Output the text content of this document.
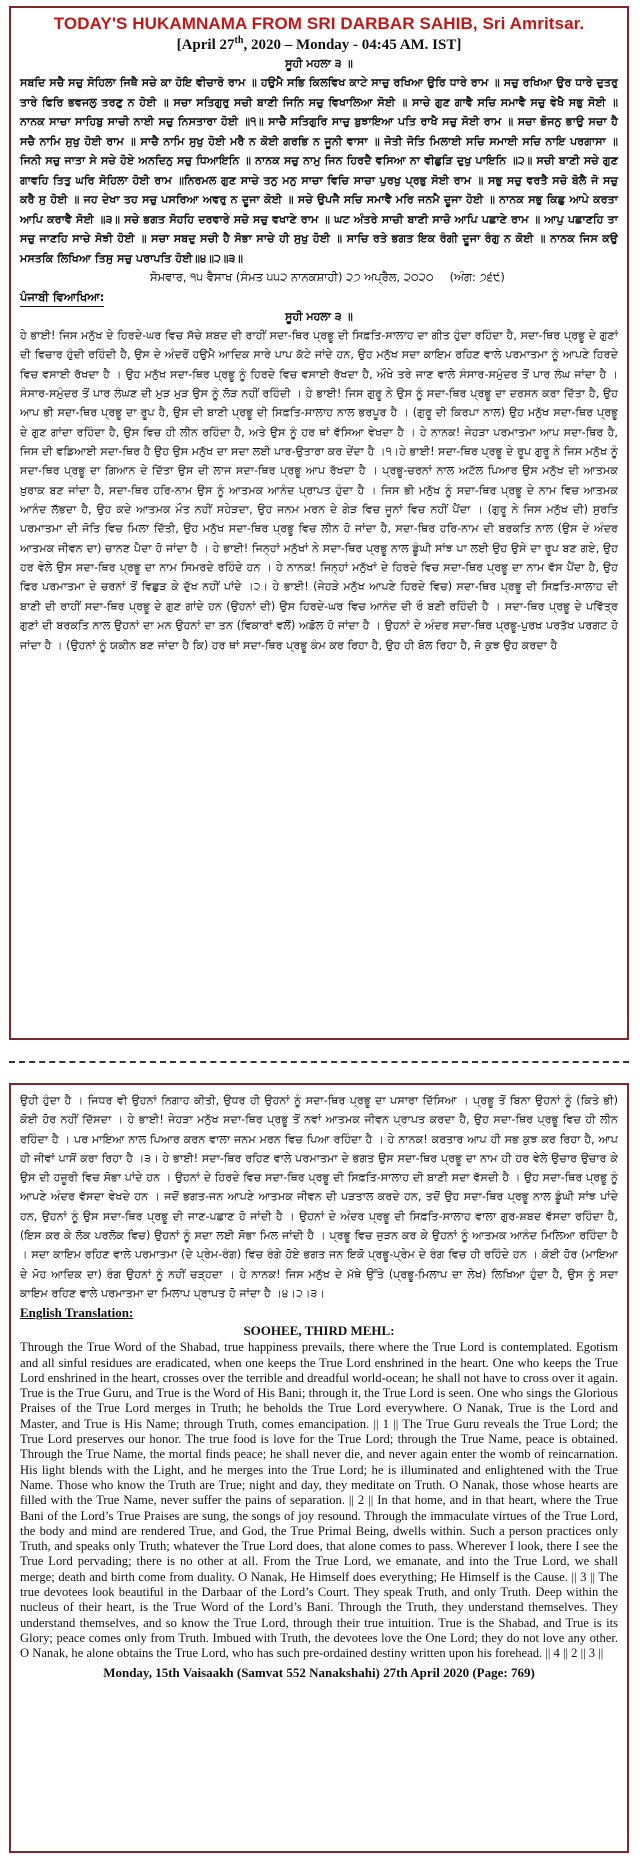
TODAY'S HUKAMNAMA FROM SRI DARBAR SAHIB, Sri Amritsar.
[April 27th, 2020 – Monday - 04:45 AM. IST]
ਸੂਹੀ ਮਹਲਾ ੩ ॥
ਸਬਦਿ ਸਚੈ ਸਚੁ ਸੋਹਿਲਾ ਜਿਥੈ ਸਚੇ ਕਾ ਹੋਇ ਵੀਚਾਰੋ ਰਾਮ ॥ ਹਉਮੈ ਸਭਿ ਕਿਲਵਿਖ ਕਾਟੇ ਸਾਚੁ ਰਖਿਆ ਉਰਿ ਧਾਰੇ ਰਾਮ ॥ ਸਚੁ ਰਖਿਆ ਉਰ ਧਾਰੇ ਦੁਤਰੁ ਤਾਰੇ ਫਿਰਿ ਭਵਜਲੁ ਤਰਣੁ ਨ ਹੋਈ ॥ ਸਚਾ ਸਤਿਗੁਰੁ ਸਚੀ ਬਾਣੀ ਜਿਨਿ ਸਚੁ ਵਿਖਾਲਿਆ ਸੋਈ ॥ ਸਾਚੇ ਗੁਣ ਗਾਵੈ ਸਚਿ ਸਮਾਵੈ ਸਚੁ ਵੇਖੈ ਸਭੁ ਸੋਈ ॥ ਨਾਨਕ ਸਾਚਾ ਸਾਹਿਬੁ ਸਾਚੀ ਨਾਈ ਸਚੁ ਨਿਸਤਾਰਾ ਹੋਈ ॥੧॥ ਸਾਚੈ ਸਤਿਗੁਰਿ ਸਾਚੁ ਬੁਝਾਇਆ ਪਤਿ ਰਾਖੈ ਸਚੁ ਸੋਈ ਰਾਮ ॥ ਸਚਾ ਭੋਜਨੁ ਭਾਉ ਸਚਾ ਹੈ ਸਚੈ ਨਾਮਿ ਸੁਖੁ ਹੋਈ ਰਾਮ ॥ ਸਾਚੈ ਨਾਮਿ ਸੁਖੁ ਹੋਈ ਮਰੈ ਨ ਕੋਈ ਗਰਭਿ ਨ ਜੂਨੀ ਵਾਸਾ ॥ ਜੋਤੀ ਜੋਤਿ ਮਿਲਾਈ ਸਚਿ ਸਮਾਈ ਸਚਿ ਨਾਇ ਪਰਗਾਸਾ ॥ ਜਿਨੀ ਸਚੁ ਜਾਤਾ ਸੇ ਸਚੇ ਹੋਏ ਅਨਦਿਨੁ ਸਚੁ ਧਿਆਇਨਿ ॥ ਨਾਨਕ ਸਚੁ ਨਾਮੁ ਜਿਨ ਹਿਰਦੈ ਵਸਿਆ ਨਾ ਵੀਛੁੜਿ ਦੁਖੁ ਪਾਇਨਿ ॥੨॥ ਸਚੀ ਬਾਣੀ ਸਚੇ ਗੁਣ ਗਾਵਹਿ ਤਿਤੁ ਘਰਿ ਸੋਹਿਲਾ ਹੋਈ ਰਾਮ ॥ਨਿਰਮਲ ਗੁਣ ਸਾਚੇ ਤਨੁ ਮਨੁ ਸਾਚਾ ਵਿਚਿ ਸਾਚਾ ਪੁਰਖੁ ਪ੍ਰਭੁ ਸੋਈ ਰਾਮ ॥ ਸਭੁ ਸਚੁ ਵਰਤੈ ਸਚੋ ਬੋਲੈ ਜੋ ਸਚੁ ਕਰੈ ਸੁ ਹੋਈ ॥ ਜਹ ਦੇਖਾ ਤਹ ਸਚੁ ਪਸਰਿਆ ਅਵਰੁ ਨ ਦੂਜਾ ਕੋਈ ॥ ਸਚੇ ਉਪਜੈ ਸਚਿ ਸਮਾਵੈ ਮਰਿ ਜਨਮੈ ਦੂਜਾ ਹੋਈ ॥ ਨਾਨਕ ਸਭੁ ਕਿਛੁ ਆਪੇ ਕਰਤਾ ਆਪਿ ਕਰਾਵੈ ਸੋਈ ॥੩॥ ਸਚੇ ਭਗਤ ਸੋਹਹਿ ਦਰਵਾਰੇ ਸਚੋ ਸਚੁ ਵਖਾਣੇ ਰਾਮ ॥ ਘਟ ਅੰਤਰੇ ਸਾਚੀ ਬਾਣੀ ਸਾਚੋ ਆਪਿ ਪਛਾਣੇ ਰਾਮ ॥ ਆਪੁ ਪਛਾਣਹਿ ਤਾ ਸਚੁ ਜਾਣਹਿ ਸਾਚੇ ਸੋਝੀ ਹੋਈ ॥ ਸਚਾ ਸਬਦੁ ਸਚੀ ਹੈ ਸੋਭਾ ਸਾਚੇ ਹੀ ਸੁਖੁ ਹੋਈ ॥ ਸਾਚਿ ਰਤੇ ਭਗਤ ਇਕ ਰੰਗੀ ਦੂਜਾ ਰੰਗੁ ਨ ਕੋਈ ॥ ਨਾਨਕ ਜਿਸ ਕਉ ਮਸਤਕਿ ਲਿਖਿਆ ਤਿਸੁ ਸਚੁ ਪਰਾਪਤਿ ਹੋਈ॥੪॥੨॥੩॥
ਸੋਮਵਾਰ, ੧੫ ਵੈਸਾਖ (ਸੰਮਤ ੫੫੨ ਨਾਨਕਸ਼ਾਹੀ) ੨੭ ਅਪ੍ਰੈਲ, ੨੦੨੦ (ਅੰਗ: ੭੬੯)
ਪੰਜਾਬੀ ਵਿਆਖਿਆ:
ਸੂਹੀ ਮਹਲਾ ੩ ॥
ਹੇ ਭਾਈ! ਜਿਸ ਮਨੁੱਖ ਦੇ ਹਿਰਦੇ-ਘਰ ਵਿਚ ਸੱਚੇ ਸ਼ਬਦ ਦੀ ਰਾਹੀਂ ਸਦਾ-ਥਿਰ ਪ੍ਰਭੂ ਦੀ ਸਿਫ਼ਤਿ-ਸਾਲਾਹ ਦਾ ਗੀਤ ਹੁੰਦਾ ਰਹਿੰਦਾ ਹੈ, ਸਦਾ-ਥਿਰ ਪ੍ਰਭੂ ਦੇ ਗੁਣਾਂ ਦੀ ਵਿਚਾਰ ਹੁੰਦੀ ਰਹਿੰਦੀ ਹੈ, ਉਸ ਦੇ ਅੰਦਰੋਂ ਹਉਮੈ ਆਦਿਕ ਸਾਰੇ ਪਾਪ ਕੱਟੇ ਜਾਂਦੇ ਹਨ, ਉਹ ਮਨੁੱਖ ਸਦਾ ਕਾਇਮ ਰਹਿਣ ਵਾਲੇ ਪਰਮਾਤਮਾ ਨੂੰ ਆਪਣੇ ਹਿਰਦੇ ਵਿਚ ਵਸਾਈ ਰੱਖਦਾ ਹੈ । ਉਹ ਮਨੁੱਖ ਸਦਾ-ਥਿਰ ਪ੍ਰਭੂ ਨੂੰ ਹਿਰਦੇ ਵਿਚ ਵਸਾਈ ਰੱਖਦਾ ਹੈ, ਔਖੇ ਤਰੇ ਜਾਣ ਵਾਲੇ ਸੰਸਾਰ-ਸਮੁੰਦਰ ਤੋਂ ਪਾਰ ਲੰਘ ਜਾਂਦਾ ਹੈ । ਸੰਸਾਰ-ਸਮੁੰਦਰ ਤੋਂ ਪਾਰ ਲੰਘਣ ਦੀ ਮੁੜ ਮੁੜ ਉਸ ਨੂੰ ਲੋੜ ਨਹੀਂ ਰਹਿੰਦੀ । ਹੇ ਭਾਈ! ਜਿਸ ਗੁਰੂ ਨੇ ਉਸ ਨੂੰ ਸਦਾ-ਥਿਰ ਪ੍ਰਭੂ ਦਾ ਦਰਸਨ ਕਰਾ ਦਿੱਤਾ ਹੈ, ਉਹ ਆਪ ਭੀ ਸਦਾ-ਥਿਰ ਪ੍ਰਭੂ ਦਾ ਰੂਪ ਹੈ, ਉਸ ਦੀ ਬਾਣੀ ਪ੍ਰਭੂ ਦੀ ਸਿਫ਼ਤਿ-ਸਾਲਾਹ ਨਾਲ ਭਰਪੂਰ ਹੈ । (ਗੁਰੂ ਦੀ ਕਿਰਪਾ ਨਾਲ) ਉਹ ਮਨੁੱਖ ਸਦਾ-ਥਿਰ ਪ੍ਰਭੂ ਦੇ ਗੁਣ ਗਾਂਦਾ ਰਹਿੰਦਾ ਹੈ, ਉਸ ਵਿਚ ਹੀ ਲੀਨ ਰਹਿੰਦਾ ਹੈ, ਅਤੇ ਉਸ ਨੂੰ ਹਰ ਥਾਂ ਵੱਸਿਆ ਵੇਖਦਾ ਹੈ । ਹੇ ਨਾਨਕ! ਜੇਹੜਾ ਪਰਮਾਤਮਾ ਆਪ ਸਦਾ-ਥਿਰ ਹੈ, ਜਿਸ ਦੀ ਵਡਿਆਈ ਸਦਾ-ਥਿਰ ਹੈ ਉਹ ਉਸ ਮਨੁੱਖ ਦਾ ਸਦਾ ਲਈ ਪਾਰ-ਉਤਾਰਾ ਕਰ ਦੇਂਦਾ ਹੈ ।੧।ਹੇ ਭਾਈ! ਸਦਾ-ਥਿਰ ਪ੍ਰਭੂ ਦੇ ਰੂਪ ਗੁਰੂ ਨੇ ਜਿਸ ਮਨੁੱਖ ਨੂੰ ਸਦਾ-ਥਿਰ ਪ੍ਰਭੂ ਦਾ ਗਿਆਨ ਦੇ ਦਿੱਤਾ ਉਸ ਦੀ ਲਾਜ ਸਦਾ-ਥਿਰ ਪ੍ਰਭੂ ਆਪ ਰੱਖਦਾ ਹੈ । ਪ੍ਰਭੂ-ਚਰਨਾਂ ਨਾਲ ਅਟੱਲ ਪਿਆਰ ਉਸ ਮਨੁੱਖ ਦੀ ਆਤਮਕ ਖ਼ੁਰਾਕ ਬਣ ਜਾਂਦਾ ਹੈ, ਸਦਾ-ਥਿਰ ਹਰਿ-ਨਾਮ ਉਸ ਨੂੰ ਆਤਮਕ ਆਨੰਦ ਪ੍ਰਾਪਤ ਹੁੰਦਾ ਹੈ । ਜਿਸ ਭੀ ਮਨੁੱਖ ਨੂੰ ਸਦਾ-ਥਿਰ ਪ੍ਰਭੂ ਦੇ ਨਾਮ ਵਿਚ ਆਤਮਕ ਆਨੰਦ ਲੱਭਦਾ ਹੈ, ਉਹ ਕਦੇ ਆਤਮਕ ਮੌਤ ਨਹੀਂ ਸਹੇੜਦਾ, ਉਹ ਜਨਮ ਮਰਨ ਦੇ ਗੇੜ ਵਿਚ ਜੂਨਾਂ ਵਿਚ ਨਹੀਂ ਪੈਂਦਾ । (ਗੁਰੂ ਨੇ ਜਿਸ ਮਨੁੱਖ ਦੀ) ਸੁਰਤਿ ਪਰਮਾਤਮਾ ਦੀ ਜੋਤਿ ਵਿਚ ਮਿਲਾ ਦਿੱਤੀ, ਉਹ ਮਨੁੱਖ ਸਦਾ-ਥਿਰ ਪ੍ਰਭੂ ਵਿਚ ਲੀਨ ਹੋ ਜਾਂਦਾ ਹੈ, ਸਦਾ-ਥਿਰ ਹਰਿ-ਨਾਮ ਦੀ ਬਰਕਤਿ ਨਾਲ (ਉਸ ਦੇ ਅੰਦਰ ਆਤਮਕ ਜੀਵਨ ਦਾ) ਚਾਨਣ ਪੈਦਾ ਹੋ ਜਾਂਦਾ ਹੈ । ਹੇ ਭਾਈ! ਜਿਨ੍ਹਾਂ ਮਨੁੱਖਾਂ ਨੇ ਸਦਾ-ਥਿਰ ਪ੍ਰਭੂ ਨਾਲ ਡੂੰਘੀ ਸਾਂਝ ਪਾ ਲਈ ਉਹ ਉਸੇ ਦਾ ਰੂਪ ਬਣ ਗਏ, ਉਹ ਹਰ ਵੇਲੇ ਉਸ ਸਦਾ-ਥਿਰ ਪ੍ਰਭੂ ਦਾ ਨਾਮ ਸਿਮਰਦੇ ਰਹਿੰਦੇ ਹਨ । ਹੇ ਨਾਨਕ! ਜਿਨ੍ਹਾਂ ਮਨੁੱਖਾਂ ਦੇ ਹਿਰਦੇ ਵਿਚ ਸਦਾ-ਥਿਰ ਪ੍ਰਭੂ ਦਾ ਨਾਮ ਵੱਸ ਪੈਂਦਾ ਹੈ, ਉਹ ਫਿਰ ਪਰਮਾਤਮਾ ਦੇ ਚਰਨਾਂ ਤੋਂ ਵਿਛੁੜ ਕੇ ਦੁੱਖ ਨਹੀਂ ਪਾਂਦੇ ।੨। ਹੇ ਭਾਈ! (ਜੇਹੜੇ ਮਨੁੱਖ ਆਪਣੇ ਹਿਰਦੇ ਵਿਚ) ਸਦਾ-ਥਿਰ ਪ੍ਰਭੂ ਦੀ ਸਿਫ਼ਤਿ-ਸਾਲਾਹ ਦੀ ਬਾਣੀ ਦੀ ਰਾਹੀਂ ਸਦਾ-ਥਿਰ ਪ੍ਰਭੂ ਦੇ ਗੁਣ ਗਾਂਦੇ ਹਨ (ਉਹਨਾਂ ਦੀ) ਉਸ ਹਿਰਦੇ-ਘਰ ਵਿਚ ਆਨੰਦ ਦੀ ਰੌ ਬਣੀ ਰਹਿੰਦੀ ਹੈ । ਸਦਾ-ਥਿਰ ਪ੍ਰਭੂ ਦੇ ਪਵਿੱਤ੍ਰ ਗੁਣਾਂ ਦੀ ਬਰਕਤਿ ਨਾਲ ਉਹਨਾਂ ਦਾ ਮਨ ਉਹਨਾਂ ਦਾ ਤਨ (ਵਿਕਾਰਾਂ ਵਲੋਂ) ਅਡੋਲ ਹੋ ਜਾਂਦਾ ਹੈ । ਉਹਨਾਂ ਦੇ ਅੰਦਰ ਸਦਾ-ਥਿਰ ਪ੍ਰਭੂ-ਪੁਰਖ ਪਰਤੱਖ ਪਰਗਟ ਹੋ ਜਾਂਦਾ ਹੈ । (ਉਹਨਾਂ ਨੂੰ ਯਕੀਨ ਬਣ ਜਾਂਦਾ ਹੈ ਕਿ) ਹਰ ਥਾਂ ਸਦਾ-ਥਿਰ ਪ੍ਰਭੂ ਕੰਮ ਕਰ ਰਿਹਾ ਹੈ, ਉਹ ਹੀ ਬੋਲ ਰਿਹਾ ਹੈ, ਜੋ ਕੁਝ ਉਹ ਕਰਦਾ ਹੈ
ਉਹੀ ਹੁੰਦਾ ਹੈ । ਜਿਧਰ ਵੀ ਉਹਨਾਂ ਨਿਗਾਹ ਕੀਤੀ, ਉਧਰ ਹੀ ਉਹਨਾਂ ਨੂੰ ਸਦਾ-ਥਿਰ ਪ੍ਰਭੂ ਦਾ ਪਸਾਰਾ ਦਿੱਸਿਆ । ਪ੍ਰਭੂ ਤੋਂ ਬਿਨਾ ਉਹਨਾਂ ਨੂੰ (ਕਿਤੇ ਭੀ) ਕੋਈ ਹੋਰ ਨਹੀਂ ਦਿੱਸਦਾ । ਹੇ ਭਾਈ! ਜੇਹੜਾ ਮਨੁੱਖ ਸਦਾ-ਥਿਰ ਪ੍ਰਭੂ ਤੋਂ ਨਵਾਂ ਆਤਮਕ ਜੀਵਨ ਪ੍ਰਾਪਤ ਕਰਦਾ ਹੈ, ਉਹ ਸਦਾ-ਥਿਰ ਪ੍ਰਭੂ ਵਿਚ ਹੀ ਲੀਨ ਰਹਿੰਦਾ ਹੈ । ਪਰ ਮਾਇਆ ਨਾਲ ਪਿਆਰ ਕਰਨ ਵਾਲਾ ਜਨਮ ਮਰਨ ਵਿਚ ਪਿਆ ਰਹਿੰਦਾ ਹੈ । ਹੇ ਨਾਨਕ! ਕਰਤਾਰ ਆਪ ਹੀ ਸਭ ਕੁਝ ਕਰ ਰਿਹਾ ਹੈ, ਆਪ ਹੀ ਜੀਵਾਂ ਪਾਸੋਂ ਕਰਾ ਰਿਹਾ ਹੈ ।੩। ਹੇ ਭਾਈ! ਸਦਾ-ਥਿਰ ਰਹਿਣ ਵਾਲੇ ਪਰਮਾਤਮਾ ਦੇ ਭਗਤ ਉਸ ਸਦਾ-ਥਿਰ ਪ੍ਰਭੂ ਦਾ ਨਾਮ ਹੀ ਹਰ ਵੇਲੇ ਉਚਾਰ ਉਚਾਰ ਕੇ ਉਸ ਦੀ ਹਜ਼ੂਰੀ ਵਿਚ ਸੋਭਾ ਪਾਂਦੇ ਹਨ । ਉਹਨਾਂ ਦੇ ਹਿਰਦੇ ਵਿਚ ਸਦਾ-ਥਿਰ ਪ੍ਰਭੂ ਦੀ ਸਿਫ਼ਤਿ-ਸਾਲਾਹ ਦੀ ਬਾਣੀ ਸਦਾ ਵੱਸਦੀ ਹੈ । ਉਹ ਸਦਾ-ਥਿਰ ਪ੍ਰਭੂ ਨੂੰ ਆਪਣੇ ਅੰਦਰ ਵੱਸਦਾ ਵੇਖਦੇ ਹਨ । ਜਦੋਂ ਭਗਤ-ਜਨ ਆਪਣੇ ਆਤਮਕ ਜੀਵਨ ਦੀ ਪੜਤਾਲ ਕਰਦੇ ਹਨ, ਤਦੋਂ ਉਹ ਸਦਾ-ਥਿਰ ਪ੍ਰਭੂ ਨਾਲ ਡੂੰਘੀ ਸਾਂਝ ਪਾਂਦੇ ਹਨ, ਉਹਨਾਂ ਨੂੰ ਉਸ ਸਦਾ-ਥਿਰ ਪ੍ਰਭੂ ਦੀ ਜਾਣ-ਪਛਾਣ ਹੋ ਜਾਂਦੀ ਹੈ । ਉਹਨਾਂ ਦੇ ਅੰਦਰ ਪ੍ਰਭੂ ਦੀ ਸਿਫ਼ਤਿ-ਸਾਲਾਹ ਵਾਲਾ ਗੁਰ-ਸ਼ਬਦ ਵੱਸਦਾ ਰਹਿੰਦਾ ਹੈ, (ਇਸ ਕਰ ਕੇ ਲੋਕ ਪਰਲੋਕ ਵਿਚ) ਉਹਨਾਂ ਨੂੰ ਸਦਾ ਲਈ ਸੋਭਾ ਮਿਲ ਜਾਂਦੀ ਹੈ । ਪ੍ਰਭੂ ਵਿਚ ਜੁੜਨ ਕਰ ਕੇ ਉਹਨਾਂ ਨੂੰ ਆਤਮਕ ਆਨੰਦ ਮਿਲਿਆ ਰਹਿੰਦਾ ਹੈ । ਸਦਾ ਕਾਇਮ ਰਹਿਣ ਵਾਲੇ ਪਰਮਾਤਮਾ (ਦੇ ਪ੍ਰੇਮ-ਰੰਗ) ਵਿਚ ਰੰਗੇ ਹੋਏ ਭਗਤ ਜਨ ਇਕੋ ਪ੍ਰਭੂ-ਪ੍ਰੇਮ ਦੇ ਰੰਗ ਵਿਚ ਹੀ ਰਹਿੰਦੇ ਹਨ । ਕੋਈ ਹੋਰ (ਮਾਇਆ ਦੇ ਮੋਹ ਆਦਿਕ ਦਾ) ਰੰਗ ਉਹਨਾਂ ਨੂੰ ਨਹੀਂ ਚੜ੍ਹਦਾ । ਹੇ ਨਾਨਕ! ਜਿਸ ਮਨੁੱਖ ਦੇ ਮੱਥੇ ਉੱਤੇ (ਪ੍ਰਭੂ-ਮਿਲਾਪ ਦਾ ਲੇਖ) ਲਿਖਿਆ ਹੁੰਦਾ ਹੈ, ਉਸ ਨੂੰ ਸਦਾ ਕਾਇਮ ਰਹਿਣ ਵਾਲੇ ਪਰਮਾਤਮਾ ਦਾ ਮਿਲਾਪ ਪ੍ਰਾਪਤ ਹੋ ਜਾਂਦਾ ਹੈ ।੪।੨।੩।
English Translation:
SOOHEE, THIRD MEHL:
Through the True Word of the Shabad, true happiness prevails, there where the True Lord is contemplated. Egotism and all sinful residues are eradicated, when one keeps the True Lord enshrined in the heart. One who keeps the True Lord enshrined in the heart, crosses over the terrible and dreadful world-ocean; he shall not have to cross over it again. True is the True Guru, and True is the Word of His Bani; through it, the True Lord is seen. One who sings the Glorious Praises of the True Lord merges in Truth; he beholds the True Lord everywhere. O Nanak, True is the Lord and Master, and True is His Name; through Truth, comes emancipation. || 1 || The True Guru reveals the True Lord; the True Lord preserves our honor. The true food is love for the True Lord; through the True Name, peace is obtained. Through the True Name, the mortal finds peace; he shall never die, and never again enter the womb of reincarnation. His light blends with the Light, and he merges into the True Lord; he is illuminated and enlightened with the True Name. Those who know the Truth are True; night and day, they meditate on Truth. O Nanak, those whose hearts are filled with the True Name, never suffer the pains of separation. || 2 || In that home, and in that heart, where the True Bani of the Lord’s True Praises are sung, the songs of joy resound. Through the immaculate virtues of the True Lord, the body and mind are rendered True, and God, the True Primal Being, dwells within. Such a person practices only Truth, and speaks only Truth; whatever the True Lord does, that alone comes to pass. Wherever I look, there I see the True Lord pervading; there is no other at all. From the True Lord, we emanate, and into the True Lord, we shall merge; death and birth come from duality. O Nanak, He Himself does everything; He Himself is the Cause. || 3 || The true devotees look beautiful in the Darbaar of the Lord’s Court. They speak Truth, and only Truth. Deep within the nucleus of their heart, is the True Word of the Lord’s Bani. Through the Truth, they understand themselves. They understand themselves, and so know the True Lord, through their true intuition. True is the Shabad, and True is its Glory; peace comes only from Truth. Imbued with Truth, the devotees love the One Lord; they do not love any other. O Nanak, he alone obtains the True Lord, who has such pre-ordained destiny written upon his forehead. || 4 || 2 || 3 ||
Monday, 15th Vaisaakh (Samvat 552 Nanakshahi) 27th April 2020 (Page: 769)
